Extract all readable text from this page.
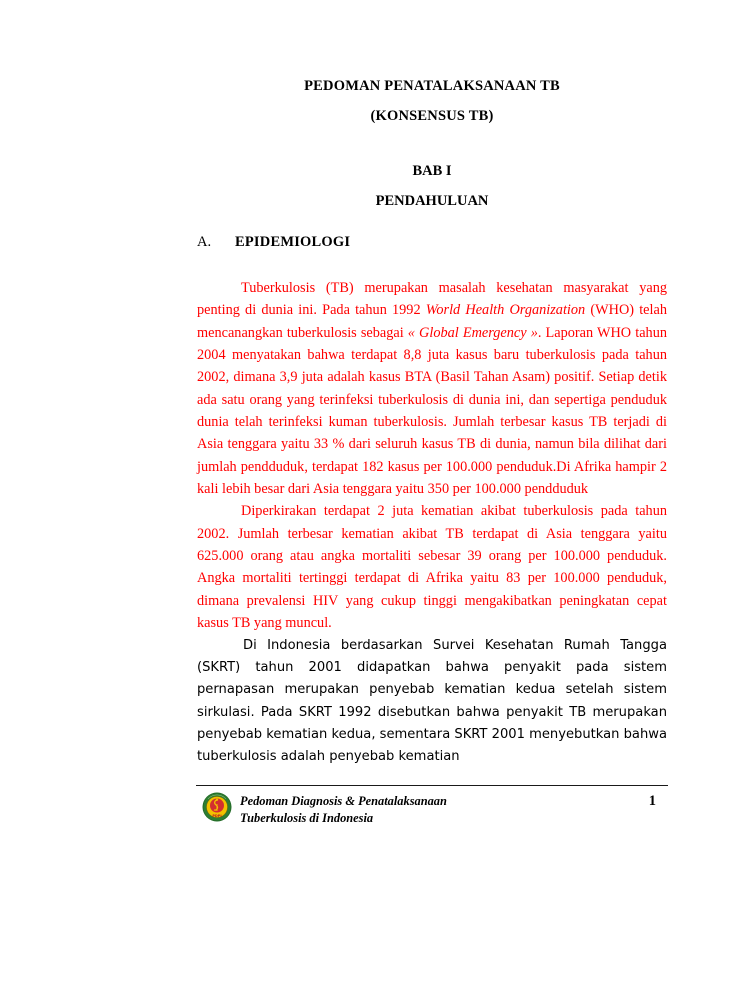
PEDOMAN PENATALAKSANAAN TB
(KONSENSUS TB)
BAB I
PENDAHULUAN
A. EPIDEMIOLOGI

Tuberkulosis (TB) merupakan masalah kesehatan masyarakat yang penting di dunia ini. Pada tahun 1992 World Health Organization (WHO) telah mencanangkan tuberkulosis sebagai « Global Emergency ». Laporan WHO tahun 2004 menyatakan bahwa terdapat 8,8 juta kasus baru tuberkulosis pada tahun 2002, dimana 3,9 juta adalah kasus BTA (Basil Tahan Asam) positif. Setiap detik ada satu orang yang terinfeksi tuberkulosis di dunia ini, dan sepertiga penduduk dunia telah terinfeksi kuman tuberkulosis. Jumlah terbesar kasus TB terjadi di Asia tenggara yaitu 33 % dari seluruh kasus TB di dunia, namun bila dilihat dari jumlah pendduduk, terdapat 182 kasus per 100.000 penduduk.Di Afrika hampir 2 kali lebih besar dari Asia tenggara yaitu 350 per 100.000 pendduduk

Diperkirakan terdapat 2 juta kematian akibat tuberkulosis pada tahun 2002. Jumlah terbesar kematian akibat TB terdapat di Asia tenggara yaitu 625.000 orang atau angka mortaliti sebesar 39 orang per 100.000 penduduk. Angka mortaliti tertinggi terdapat di Afrika yaitu 83 per 100.000 penduduk, dimana prevalensi HIV yang cukup tinggi mengakibatkan peningkatan cepat kasus TB yang muncul.

Di Indonesia berdasarkan Survei Kesehatan Rumah Tangga (SKRT) tahun 2001 didapatkan bahwa penyakit pada sistem pernapasan merupakan penyebab kematian kedua setelah sistem sirkulasi. Pada SKRT 1992 disebutkan bahwa penyakit TB merupakan penyebab kematian kedua, sementara SKRT 2001 menyebutkan bahwa tuberkulosis adalah penyebab kematian

PDPI
Pedoman Diagnosis & Penatalaksanaan
Tuberkulosis di Indonesia
1
